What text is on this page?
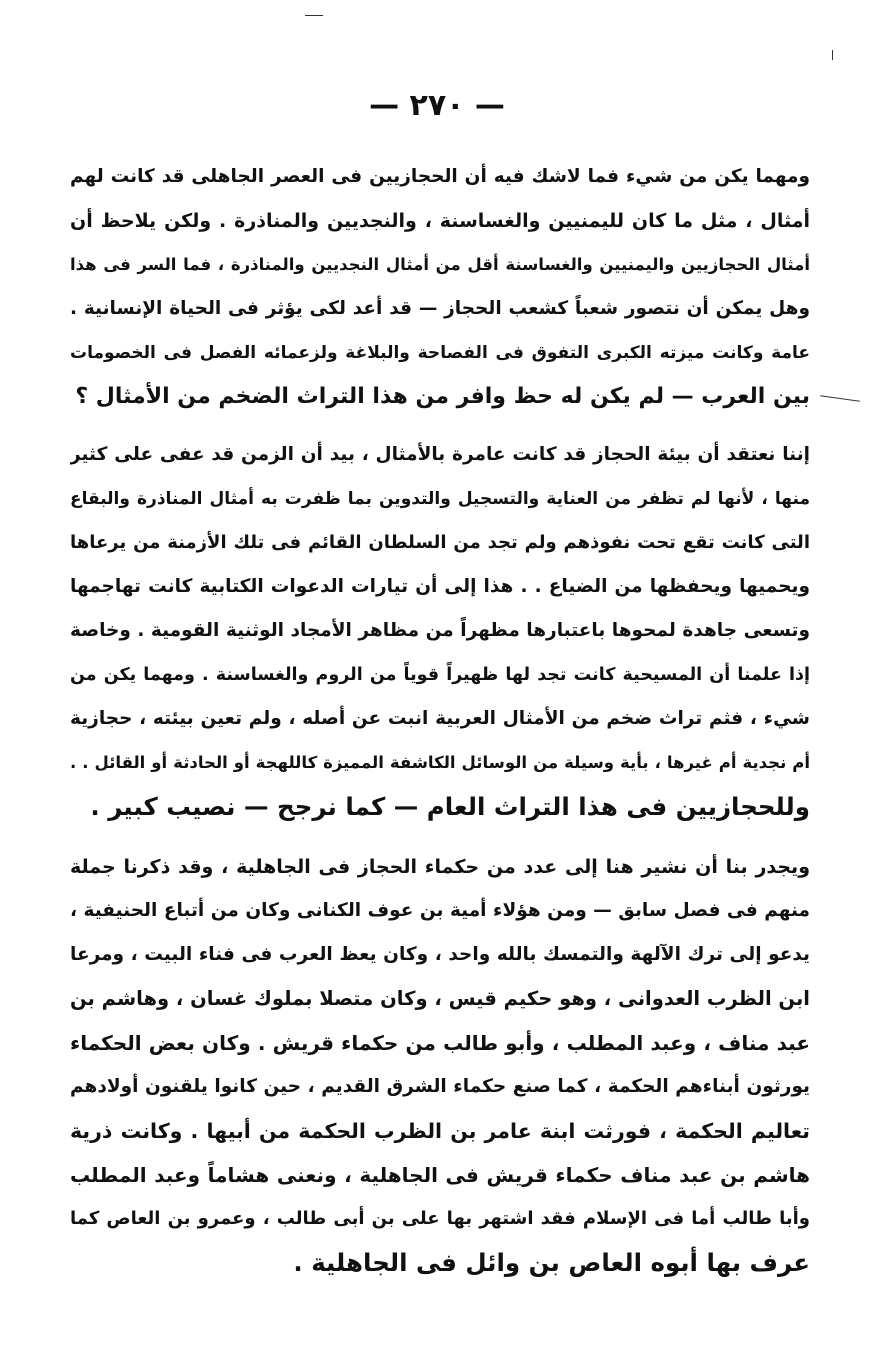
— ٢٧٠ —
ومهما يكن من شيء فما لاشك فيه أن الحجازيين فى العصر الجاهلى قد كانت لهم
أمثال ، مثل ما كان لليمنيين والغساسنة ، والنجديين والمناذرة . ولكن يلاحظ أن
أمثال الحجازيين واليمنيين والغساسنة أقل من أمثال النجديين والمناذرة ، فما السر فى هذا
وهل يمكن أن نتصور شعباً كشعب الحجاز — قد أعد لكى يؤثر فى الحياة الإنسانية .
عامة وكانت ميزته الكبرى التفوق فى الفصاحة والبلاغة ولزعمائه الفصل فى الخصومات
بين العرب — لم يكن له حظ وافر من هذا التراث الضخم من الأمثال ؟
إننا نعتقد أن بيئة الحجاز قد كانت عامرة بالأمثال ، بيد أن الزمن قد عفى على كثير
منها ، لأنها لم تظفر من العناية والتسجيل والتدوين بما ظفرت به أمثال المناذرة والبقاع
التى كانت تقع تحت نفوذهم ولم تجد من السلطان القائم فى تلك الأزمنة من يرعاها
ويحميها ويحفظها من الضياع . . هذا إلى أن تيارات الدعوات الكتابية كانت تهاجمها
وتسعى جاهدة لمحوها باعتبارها مظهراً من مظاهر الأمجاد الوثنية القومية . وخاصة
إذا علمنا أن المسيحية كانت تجد لها ظهيراً قوياً من الروم والغساسنة . ومهما يكن من
شيء ، فثم تراث ضخم من الأمثال العربية انبت عن أصله ، ولم تعين بيئته ، حجازية
أم نجدية أم غيرها ، بأية وسيلة من الوسائل الكاشفة المميزة كاللهجة أو الحادثة أو القائل . .
وللحجازيين فى هذا التراث العام — كما نرجح — نصيب كبير .
ويجدر بنا أن نشير هنا إلى عدد من حكماء الحجاز فى الجاهلية ، وقد ذكرنا جملة
منهم فى فصل سابق — ومن هؤلاء أمية بن عوف الكنانى وكان من أتباع الحنيفية ،
يدعو إلى ترك الآلهة والتمسك بالله واحد ، وكان يعظ العرب فى فناء البيت ، ومرعا
ابن الظرب العدوانى ، وهو حكيم قيس ، وكان متصلا بملوك غسان ، وهاشم بن
عبد مناف ، وعبد المطلب ، وأبو طالب من حكماء قريش . وكان بعض الحكماء
يورثون أبناءهم الحكمة ، كما صنع حكماء الشرق القديم ، حين كانوا يلقنون أولادهم
تعاليم الحكمة ، فورثت ابنة عامر بن الظرب الحكمة من أبيها . وكانت ذرية
هاشم بن عبد مناف حكماء قريش فى الجاهلية ، ونعنى هشاماً وعبد المطلب
وأبا طالب أما فى الإسلام فقد اشتهر بها على بن أبى طالب ، وعمرو بن العاص كما
عرف بها أبوه العاص بن وائل فى الجاهلية .
